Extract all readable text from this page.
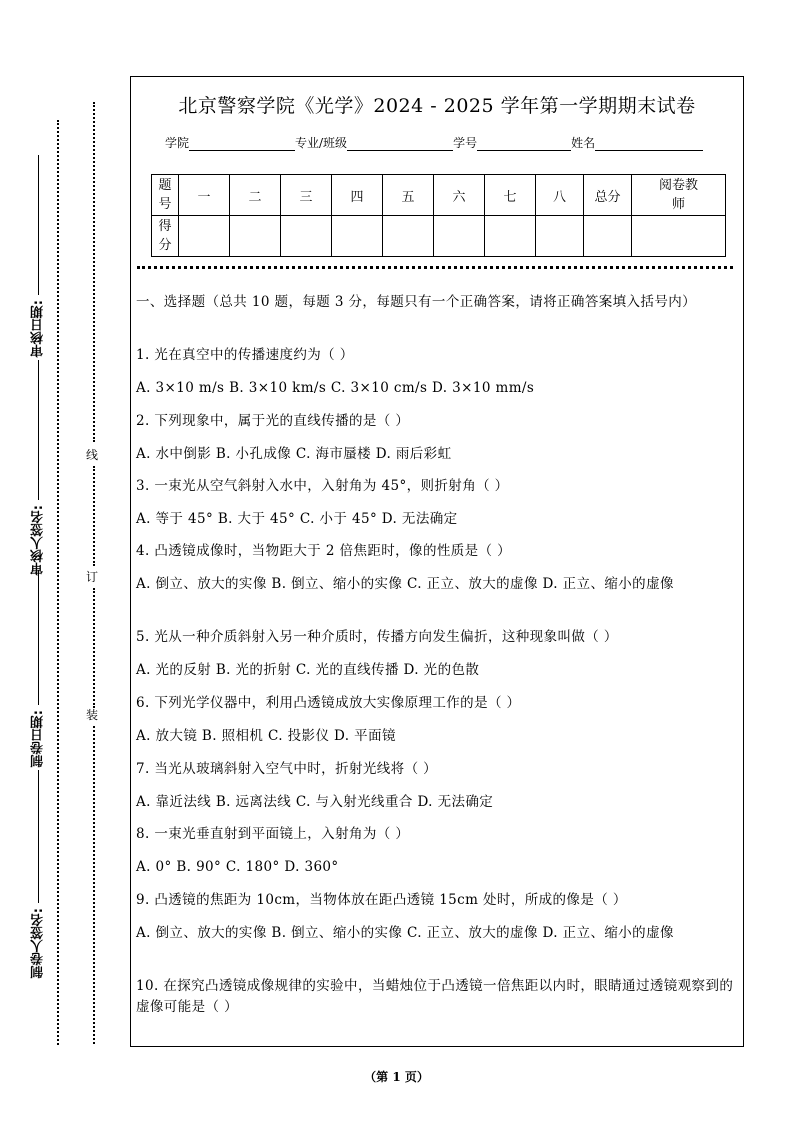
审核日期:
审核人签名:
制卷日期:
制卷人签名:
线
订
装
北京警察学院《光学》2024 - 2025 学年第一学期期末试卷
学院	专业/班级	学号	姓名
题号	一	二	三	四	五	六	七	八	总分	阅卷教师
得分										
一、选择题（总共 10 题，每题 3 分，每题只有一个正确答案，请将正确答案填入括号内）
1. 光在真空中的传播速度约为（ ）
A. 3×10 m/s B. 3×10 km/s C. 3×10 cm/s D. 3×10 mm/s
2. 下列现象中，属于光的直线传播的是（ ）
A. 水中倒影 B. 小孔成像 C. 海市蜃楼 D. 雨后彩虹
3. 一束光从空气斜射入水中，入射角为 45°，则折射角（ ）
A. 等于 45° B. 大于 45° C. 小于 45° D. 无法确定
4. 凸透镜成像时，当物距大于 2 倍焦距时，像的性质是（ ）
A. 倒立、放大的实像 B. 倒立、缩小的实像 C. 正立、放大的虚像 D. 正立、缩小的虚像
5. 光从一种介质斜射入另一种介质时，传播方向发生偏折，这种现象叫做（ ）
A. 光的反射 B. 光的折射 C. 光的直线传播 D. 光的色散
6. 下列光学仪器中，利用凸透镜成放大实像原理工作的是（ ）
A. 放大镜 B. 照相机 C. 投影仪 D. 平面镜
7. 当光从玻璃斜射入空气中时，折射光线将（ ）
A. 靠近法线 B. 远离法线 C. 与入射光线重合 D. 无法确定
8. 一束光垂直射到平面镜上，入射角为（ ）
A. 0° B. 90° C. 180° D. 360°
9. 凸透镜的焦距为 10cm，当物体放在距凸透镜 15cm 处时，所成的像是（ ）
A. 倒立、放大的实像 B. 倒立、缩小的实像 C. 正立、放大的虚像 D. 正立、缩小的虚像
10. 在探究凸透镜成像规律的实验中，当蜡烛位于凸透镜一倍焦距以内时，眼睛通过透镜观察到的虚像可能是（ ）
（第 1 页）
